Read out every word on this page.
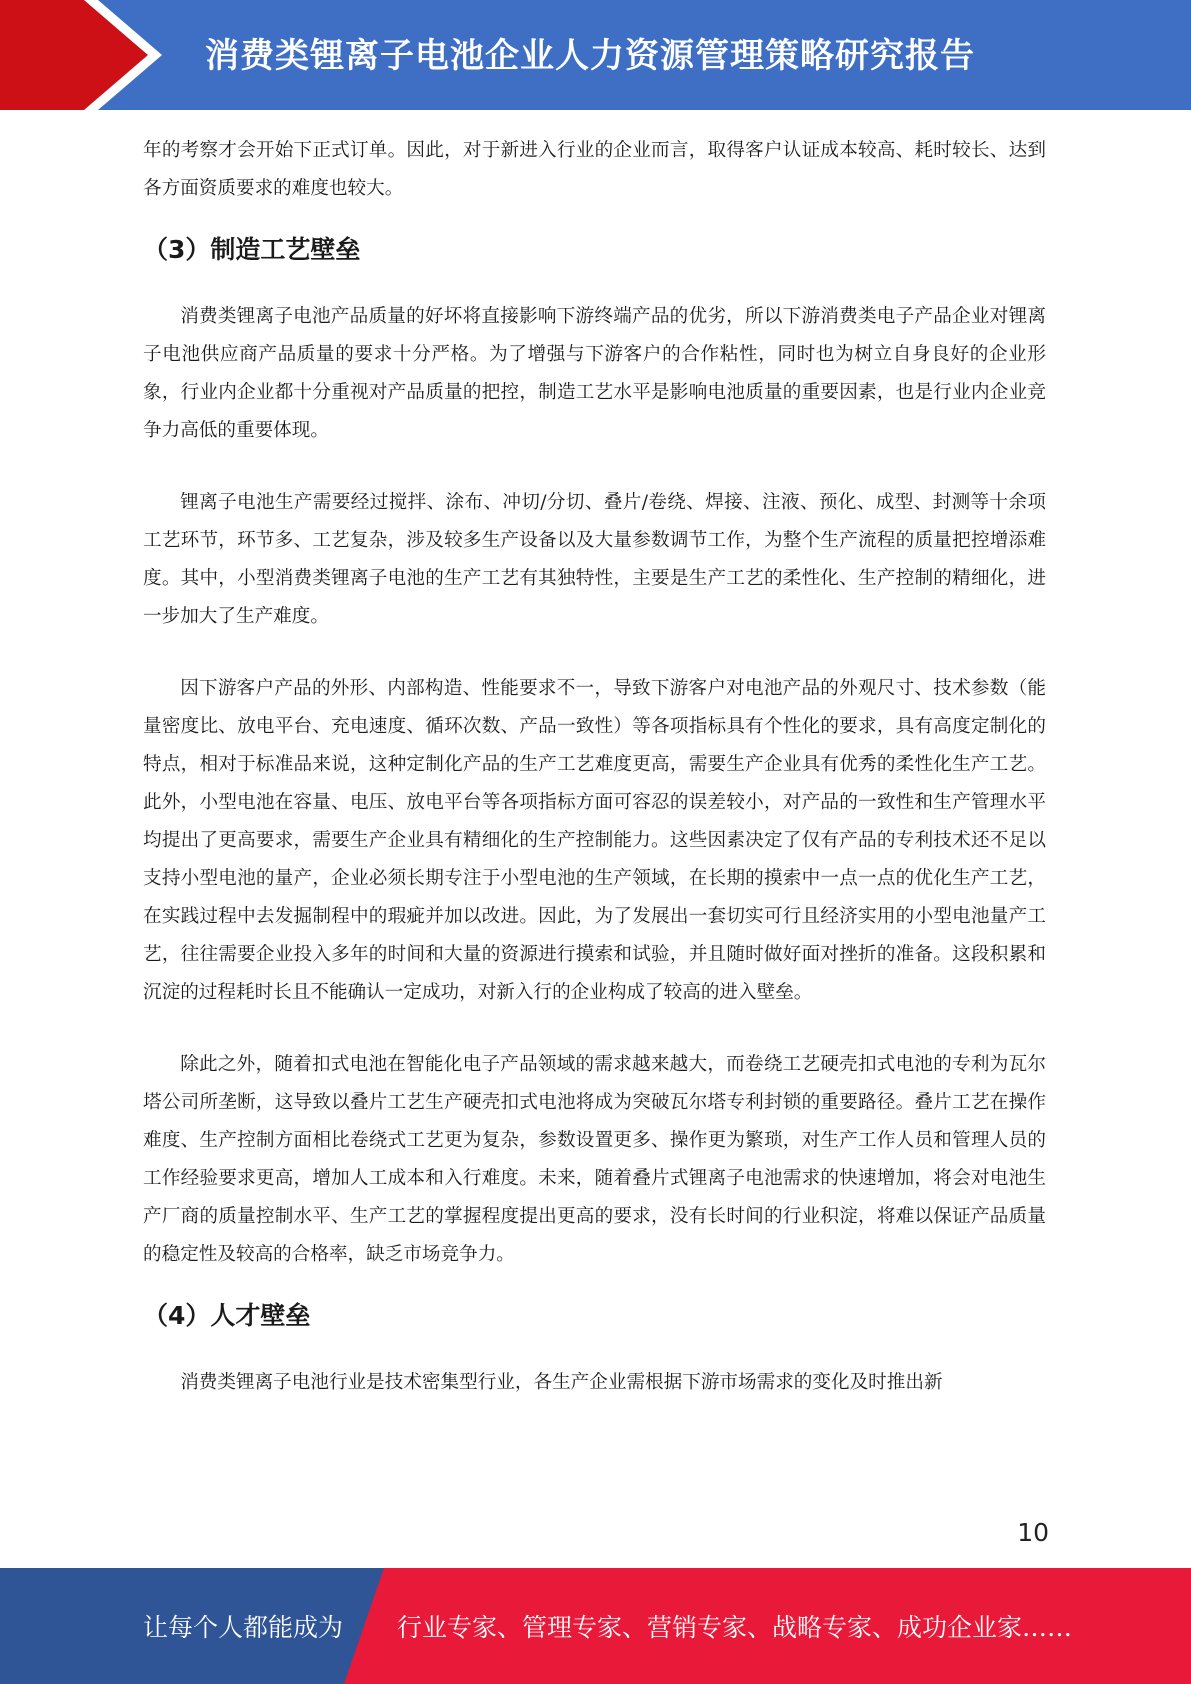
消费类锂离子电池企业人力资源管理策略研究报告

年的考察才会开始下正式订单。因此，对于新进入行业的企业而言，取得客户认证成本较高、耗时较长、达到各方面资质要求的难度也较大。

（3）制造工艺壁垒

消费类锂离子电池产品质量的好坏将直接影响下游终端产品的优劣，所以下游消费类电子产品企业对锂离子电池供应商产品质量的要求十分严格。为了增强与下游客户的合作粘性，同时也为树立自身良好的企业形象，行业内企业都十分重视对产品质量的把控，制造工艺水平是影响电池质量的重要因素，也是行业内企业竞争力高低的重要体现。

锂离子电池生产需要经过搅拌、涂布、冲切/分切、叠片/卷绕、焊接、注液、预化、成型、封测等十余项工艺环节，环节多、工艺复杂，涉及较多生产设备以及大量参数调节工作，为整个生产流程的质量把控增添难度。其中，小型消费类锂离子电池的生产工艺有其独特性，主要是生产工艺的柔性化、生产控制的精细化，进一步加大了生产难度。

因下游客户产品的外形、内部构造、性能要求不一，导致下游客户对电池产品的外观尺寸、技术参数（能量密度比、放电平台、充电速度、循环次数、产品一致性）等各项指标具有个性化的要求，具有高度定制化的特点，相对于标准品来说，这种定制化产品的生产工艺难度更高，需要生产企业具有优秀的柔性化生产工艺。此外，小型电池在容量、电压、放电平台等各项指标方面可容忍的误差较小，对产品的一致性和生产管理水平均提出了更高要求，需要生产企业具有精细化的生产控制能力。这些因素决定了仅有产品的专利技术还不足以支持小型电池的量产，企业必须长期专注于小型电池的生产领域，在长期的摸索中一点一点的优化生产工艺，在实践过程中去发掘制程中的瑕疵并加以改进。因此，为了发展出一套切实可行且经济实用的小型电池量产工艺，往往需要企业投入多年的时间和大量的资源进行摸索和试验，并且随时做好面对挫折的准备。这段积累和沉淀的过程耗时长且不能确认一定成功，对新入行的企业构成了较高的进入壁垒。

除此之外，随着扣式电池在智能化电子产品领域的需求越来越大，而卷绕工艺硬壳扣式电池的专利为瓦尔塔公司所垄断，这导致以叠片工艺生产硬壳扣式电池将成为突破瓦尔塔专利封锁的重要路径。叠片工艺在操作难度、生产控制方面相比卷绕式工艺更为复杂，参数设置更多、操作更为繁琐，对生产工作人员和管理人员的工作经验要求更高，增加人工成本和入行难度。未来，随着叠片式锂离子电池需求的快速增加，将会对电池生产厂商的质量控制水平、生产工艺的掌握程度提出更高的要求，没有长时间的行业积淀，将难以保证产品质量的稳定性及较高的合格率，缺乏市场竞争力。

（4）人才壁垒

消费类锂离子电池行业是技术密集型行业，各生产企业需根据下游市场需求的变化及时推出新

10
让每个人都能成为 行业专家、管理专家、营销专家、战略专家、成功企业家……
